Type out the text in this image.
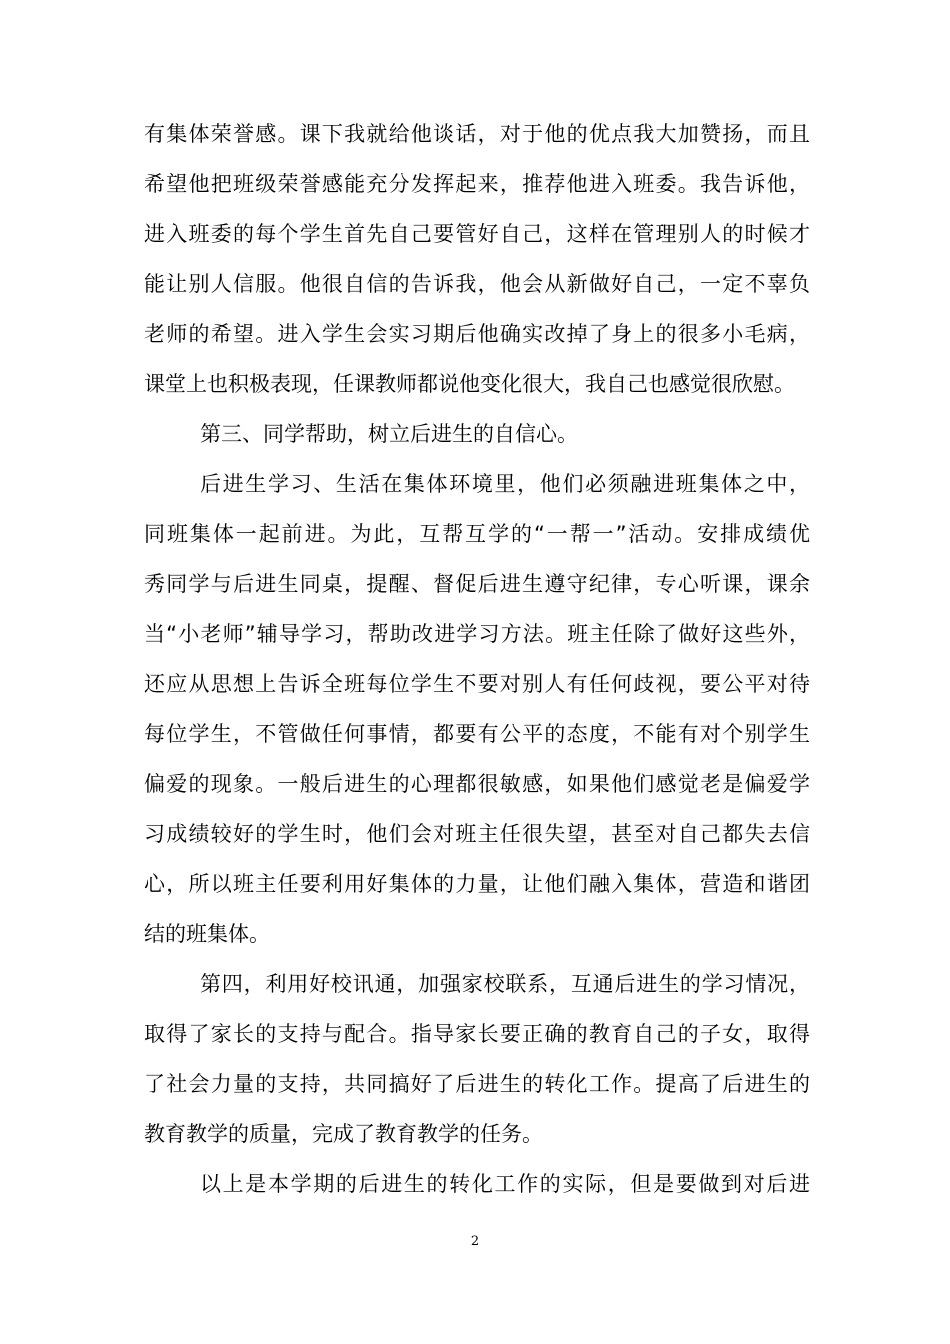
有集体荣誉感。课下我就给他谈话，对于他的优点我大加赞扬，而且
希望他把班级荣誉感能充分发挥起来，推荐他进入班委。我告诉他，
进入班委的每个学生首先自己要管好自己，这样在管理别人的时候才
能让别人信服。他很自信的告诉我，他会从新做好自己，一定不辜负
老师的希望。进入学生会实习期后他确实改掉了身上的很多小毛病，
课堂上也积极表现，任课教师都说他变化很大，我自己也感觉很欣慰。
第三、同学帮助，树立后进生的自信心。
后进生学习、生活在集体环境里，他们必须融进班集体之中，
同班集体一起前进。为此，互帮互学的“一帮一”活动。安排成绩优
秀同学与后进生同桌，提醒、督促后进生遵守纪律，专心听课，课余
当“小老师”辅导学习，帮助改进学习方法。班主任除了做好这些外，
还应从思想上告诉全班每位学生不要对别人有任何歧视，要公平对待
每位学生，不管做任何事情，都要有公平的态度，不能有对个别学生
偏爱的现象。一般后进生的心理都很敏感，如果他们感觉老是偏爱学
习成绩较好的学生时，他们会对班主任很失望，甚至对自己都失去信
心，所以班主任要利用好集体的力量，让他们融入集体，营造和谐团
结的班集体。
第四，利用好校讯通，加强家校联系，互通后进生的学习情况，
取得了家长的支持与配合。指导家长要正确的教育自己的子女，取得
了社会力量的支持，共同搞好了后进生的转化工作。提高了后进生的
教育教学的质量，完成了教育教学的任务。
以上是本学期的后进生的转化工作的实际，但是要做到对后进
2
